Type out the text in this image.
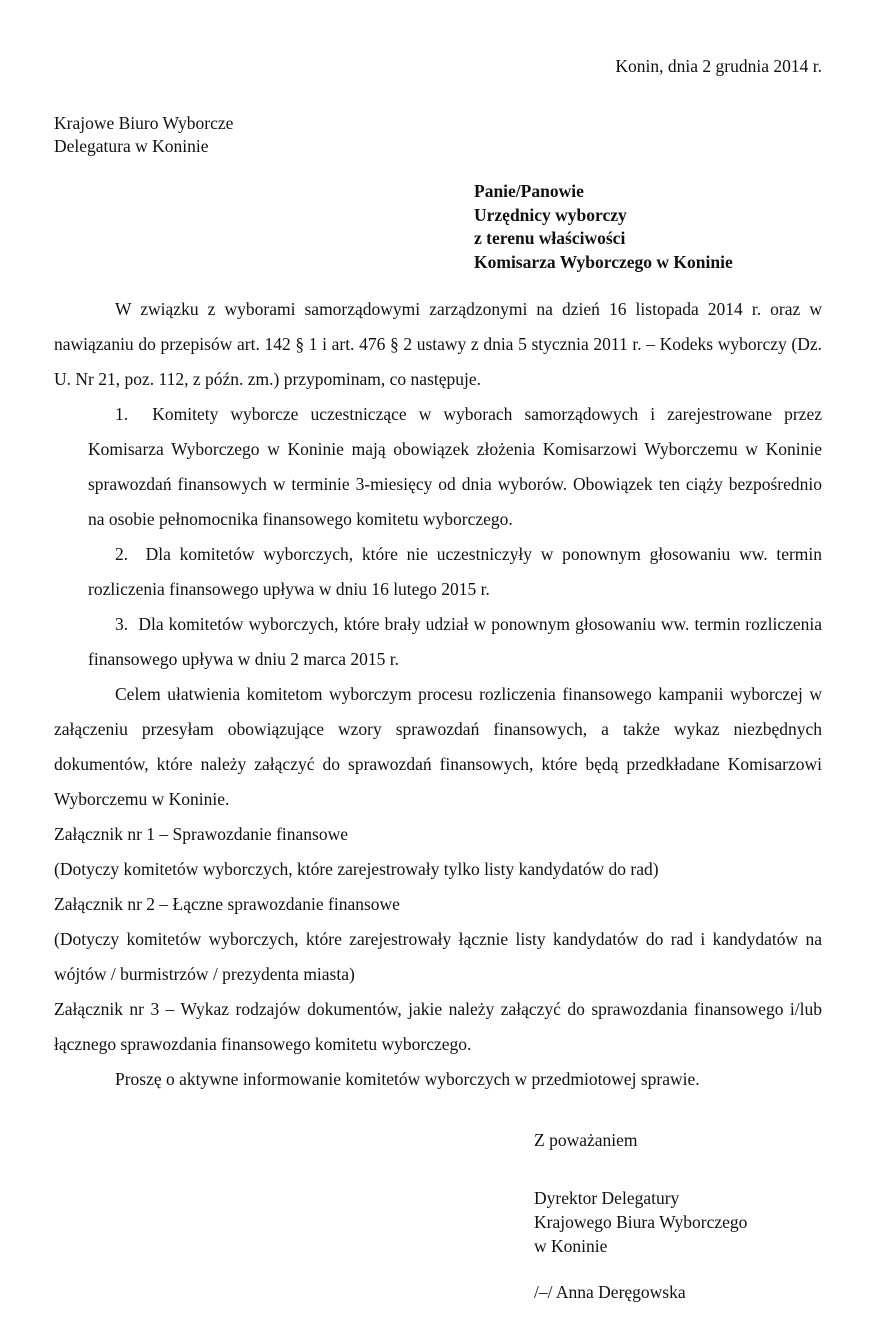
Konin, dnia 2 grudnia 2014 r.
Krajowe Biuro Wyborcze
Delegatura w Koninie
Panie/Panowie
Urzędnicy wyborczy
z terenu właściwości
Komisarza Wyborczego w Koninie

W związku z wyborami samorządowymi zarządzonymi na dzień 16 listopada 2014 r. oraz w nawiązaniu do przepisów art. 142 § 1 i art. 476 § 2 ustawy z dnia 5 stycznia 2011 r. – Kodeks wyborczy (Dz. U. Nr 21, poz. 112, z późn. zm.) przypominam, co następuje.

1. Komitety wyborcze uczestniczące w wyborach samorządowych i zarejestrowane przez Komisarza Wyborczego w Koninie mają obowiązek złożenia Komisarzowi Wyborczemu w Koninie sprawozdań finansowych w terminie 3-miesięcy od dnia wyborów. Obowiązek ten ciąży bezpośrednio na osobie pełnomocnika finansowego komitetu wyborczego.
2. Dla komitetów wyborczych, które nie uczestniczyły w ponownym głosowaniu ww. termin rozliczenia finansowego upływa w dniu 16 lutego 2015 r.
3. Dla komitetów wyborczych, które brały udział w ponownym głosowaniu ww. termin rozliczenia finansowego upływa w dniu 2 marca 2015 r.

Celem ułatwienia komitetom wyborczym procesu rozliczenia finansowego kampanii wyborczej w załączeniu przesyłam obowiązujące wzory sprawozdań finansowych, a także wykaz niezbędnych dokumentów, które należy załączyć do sprawozdań finansowych, które będą przedkładane Komisarzowi Wyborczemu w Koninie.

Załącznik nr 1 – Sprawozdanie finansowe

(Dotyczy komitetów wyborczych, które zarejestrowały tylko listy kandydatów do rad)

Załącznik nr 2 – Łączne sprawozdanie finansowe

(Dotyczy komitetów wyborczych, które zarejestrowały łącznie listy kandydatów do rad i kandydatów na wójtów / burmistrzów / prezydenta miasta)

Załącznik nr 3 – Wykaz rodzajów dokumentów, jakie należy załączyć do sprawozdania finansowego i/lub łącznego sprawozdania finansowego komitetu wyborczego.

Proszę o aktywne informowanie komitetów wyborczych w przedmiotowej sprawie.

Z poważaniem
Dyrektor Delegatury
Krajowego Biura Wyborczego
w Koninie
/–/ Anna Deręgowska
